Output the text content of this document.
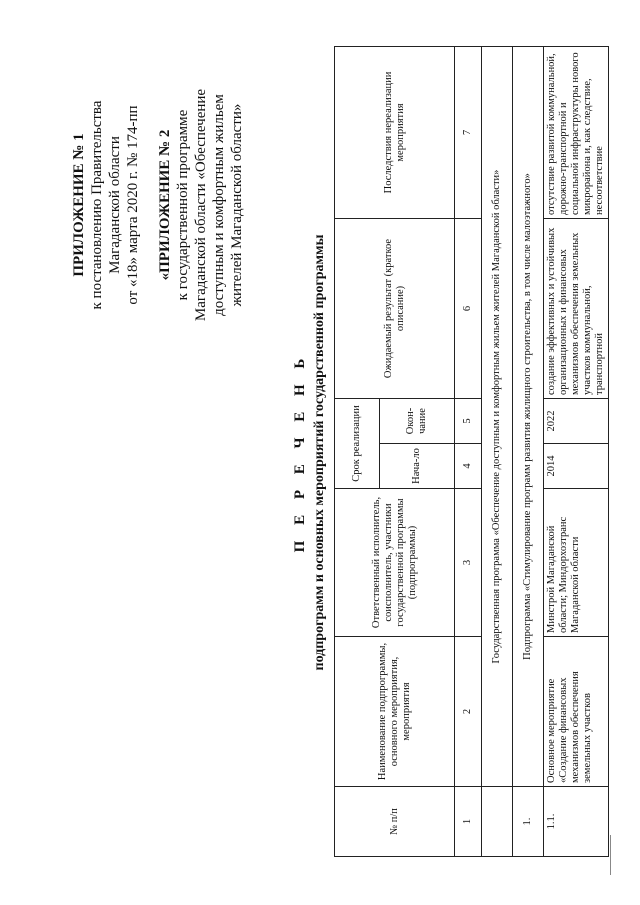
ПРИЛОЖЕНИЕ № 1 к постановлению Правительства Магаданской области от «18» марта 2020 г. № 174-пп «ПРИЛОЖЕНИЕ № 2 к государственной программе Магаданской области «Обеспечение доступным и комфортным жильем жителей Магаданской области»
П Е Р Е Ч Е Н Ь подпрограмм и основных мероприятий государственной программы
№ п/п	Наименование подпрограммы, основного мероприятия, мероприятия	Ответственный исполнитель, соисполнитель, участники государственной программы (подпрограммы)	Срок реализации		Ожидаемый результат (краткое описание)	Последствия нереализации мероприятия
			Нача-ло	Окон-чание		
1	2	3	4	5	6	7
	Государственная программа «Обеспечение доступным и комфортным жильем жителей Магаданской области»					
1.	Подпрограмма «Стимулирование программ развития жилищного строительства, в том числе малоэтажного»					
1.1.	Основное мероприятие «Создание финансовых механизмов обеспечения земельных участков	Минстрой Магаданской области; Миндорхозтранс Магаданской области	2014	2022	создание эффективных и устойчивых организационных и финансовых механизмов обеспечения земельных участков коммунальной, транспортной	отсутствие развитой коммунальной, дорожно-транспортной и социальной инфраструктуры нового микрорайона и, как следствие, несоответствие
